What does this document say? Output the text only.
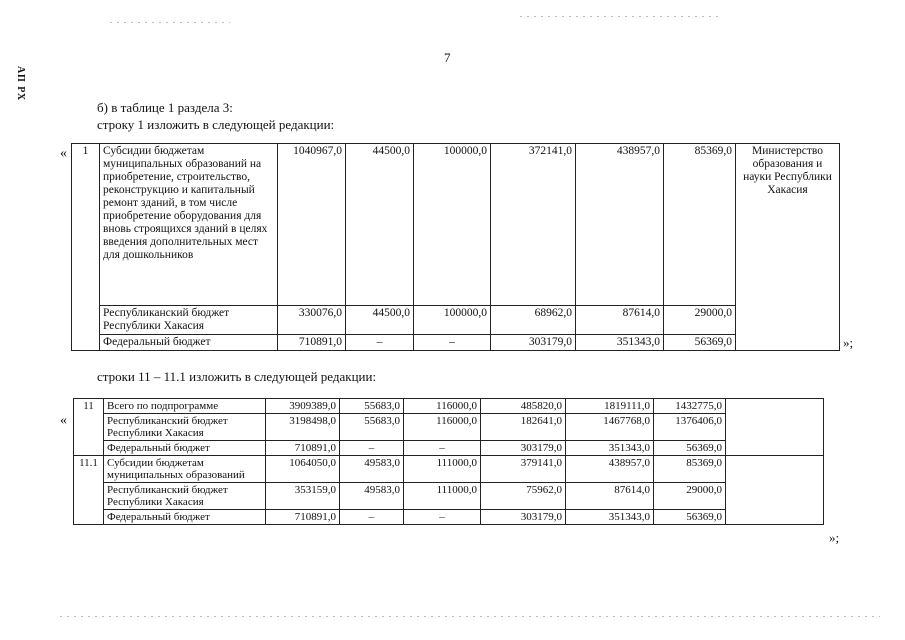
7
АП РХ
б) в таблице 1 раздела 3:
строку 1 изложить в следующей редакции:
« 1	Субсидии бюджетам муниципальных образований на приобретение, строительство, реконструкцию и капитальный ремонт зданий, в том числе приобретение оборудования для вновь строящихся зданий в целях введения дополнительных мест для дошкольников	1040967,0	44500,0	100000,0	372141,0	438957,0	85369,0	Министерство образования и науки Республики Хакасия
	Республиканский бюджет Республики Хакасия	330076,0	44500,0	100000,0	68962,0	87614,0	29000,0	
	Федеральный бюджет	710891,0	–	–	303179,0	351343,0	56369,0		»;
строки 11 – 11.1 изложить в следующей редакции:
«
11	Всего по подпрограмме	3909389,0	55683,0	116000,0	485820,0	1819111,0	1432775,0	
	Республиканский бюджет Республики Хакасия	3198498,0	55683,0	116000,0	182641,0	1467768,0	1376406,0	
	Федеральный бюджет	710891,0	–	–	303179,0	351343,0	56369,0	
11.1	Субсидии бюджетам муниципальных образований	1064050,0	49583,0	111000,0	379141,0	438957,0	85369,0	
	Республиканский бюджет Республики Хакасия	353159,0	49583,0	111000,0	75962,0	87614,0	29000,0	
	Федеральный бюджет	710891,0	–	–	303179,0	351343,0	56369,0	
»;
